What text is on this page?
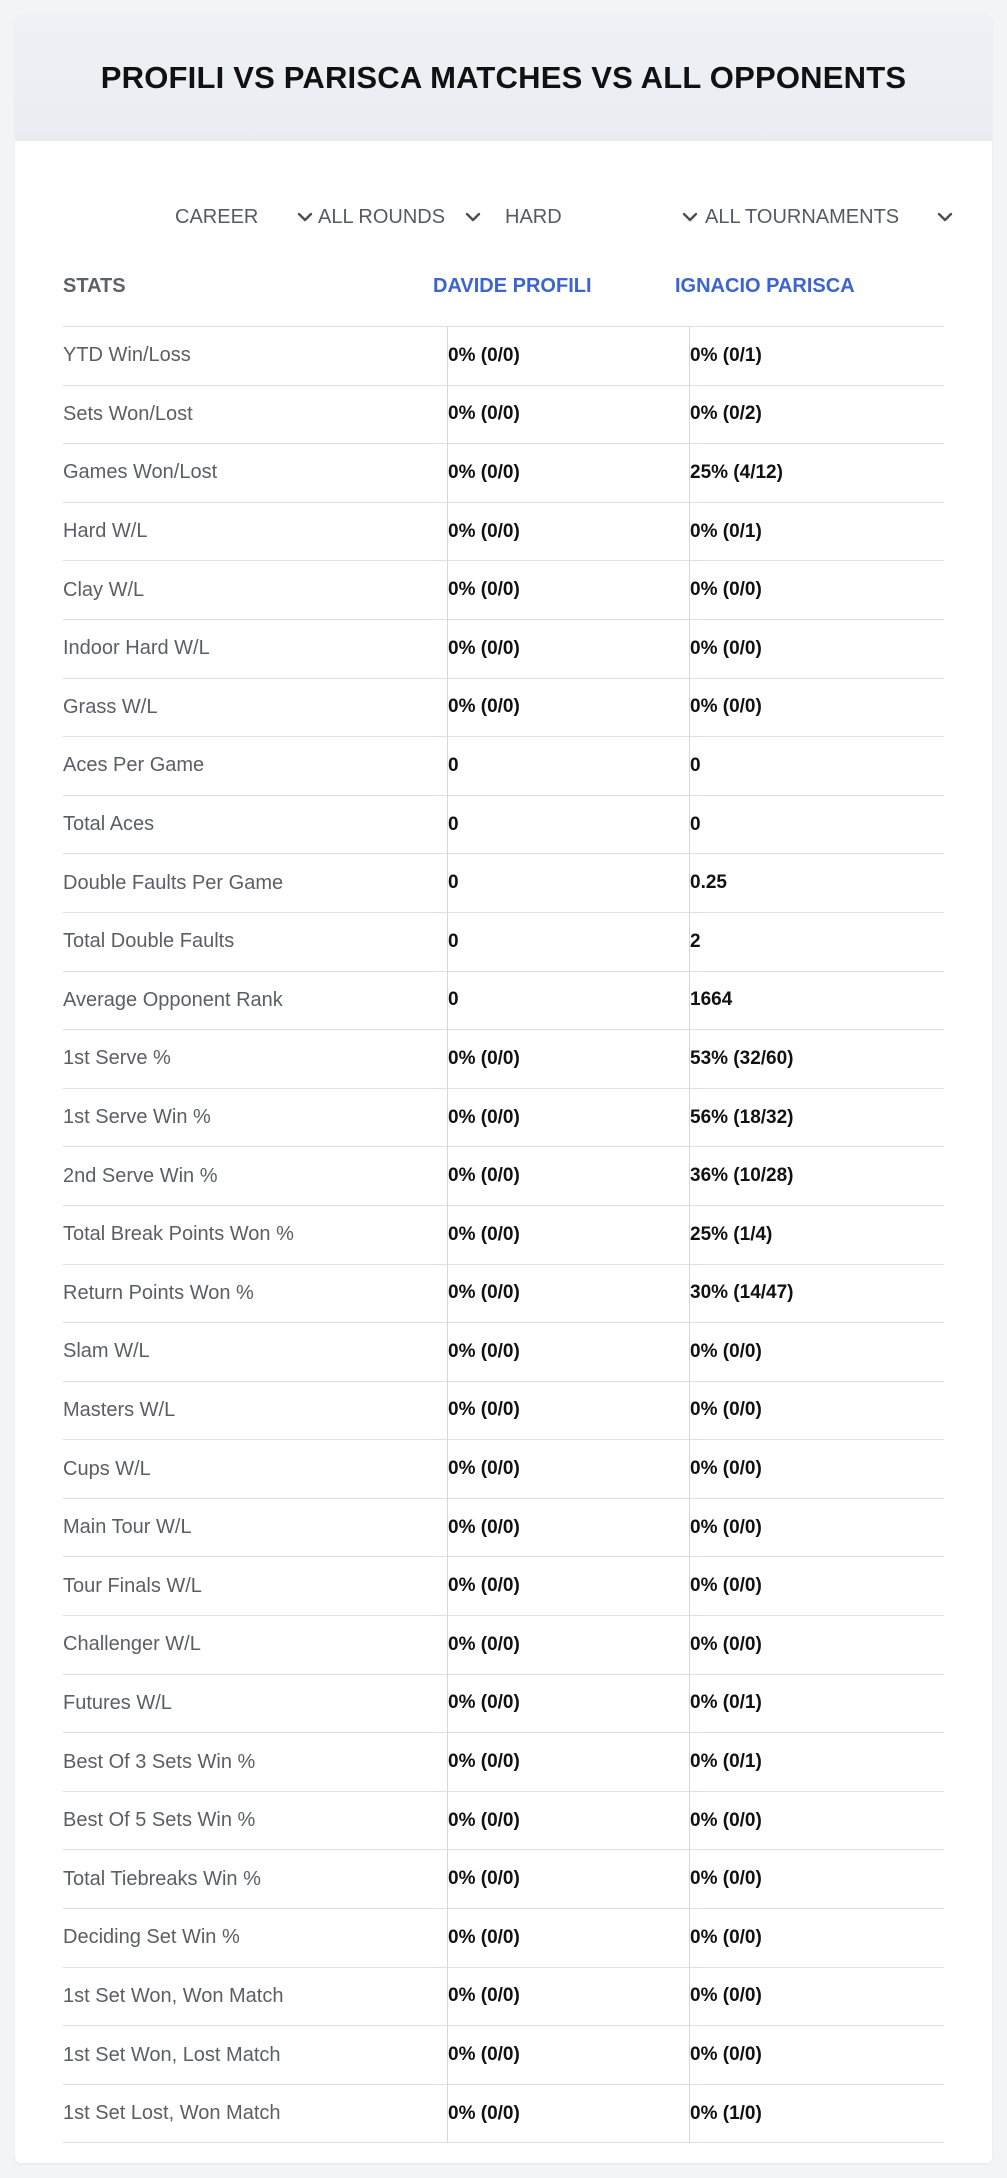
PROFILI VS PARISCA MATCHES VS ALL OPPONENTS
CAREER	ALL ROUNDS	HARD	ALL TOURNAMENTS
STATS	DAVIDE PROFILI	IGNACIO PARISCA
YTD Win/Loss	0% (0/0)	0% (0/1)
Sets Won/Lost	0% (0/0)	0% (0/2)
Games Won/Lost	0% (0/0)	25% (4/12)
Hard W/L	0% (0/0)	0% (0/1)
Clay W/L	0% (0/0)	0% (0/0)
Indoor Hard W/L	0% (0/0)	0% (0/0)
Grass W/L	0% (0/0)	0% (0/0)
Aces Per Game	0	0
Total Aces	0	0
Double Faults Per Game	0	0.25
Total Double Faults	0	2
Average Opponent Rank	0	1664
1st Serve %	0% (0/0)	53% (32/60)
1st Serve Win %	0% (0/0)	56% (18/32)
2nd Serve Win %	0% (0/0)	36% (10/28)
Total Break Points Won %	0% (0/0)	25% (1/4)
Return Points Won %	0% (0/0)	30% (14/47)
Slam W/L	0% (0/0)	0% (0/0)
Masters W/L	0% (0/0)	0% (0/0)
Cups W/L	0% (0/0)	0% (0/0)
Main Tour W/L	0% (0/0)	0% (0/0)
Tour Finals W/L	0% (0/0)	0% (0/0)
Challenger W/L	0% (0/0)	0% (0/0)
Futures W/L	0% (0/0)	0% (0/1)
Best Of 3 Sets Win %	0% (0/0)	0% (0/1)
Best Of 5 Sets Win %	0% (0/0)	0% (0/0)
Total Tiebreaks Win %	0% (0/0)	0% (0/0)
Deciding Set Win %	0% (0/0)	0% (0/0)
1st Set Won, Won Match	0% (0/0)	0% (0/0)
1st Set Won, Lost Match	0% (0/0)	0% (0/0)
1st Set Lost, Won Match	0% (0/0)	0% (1/0)
